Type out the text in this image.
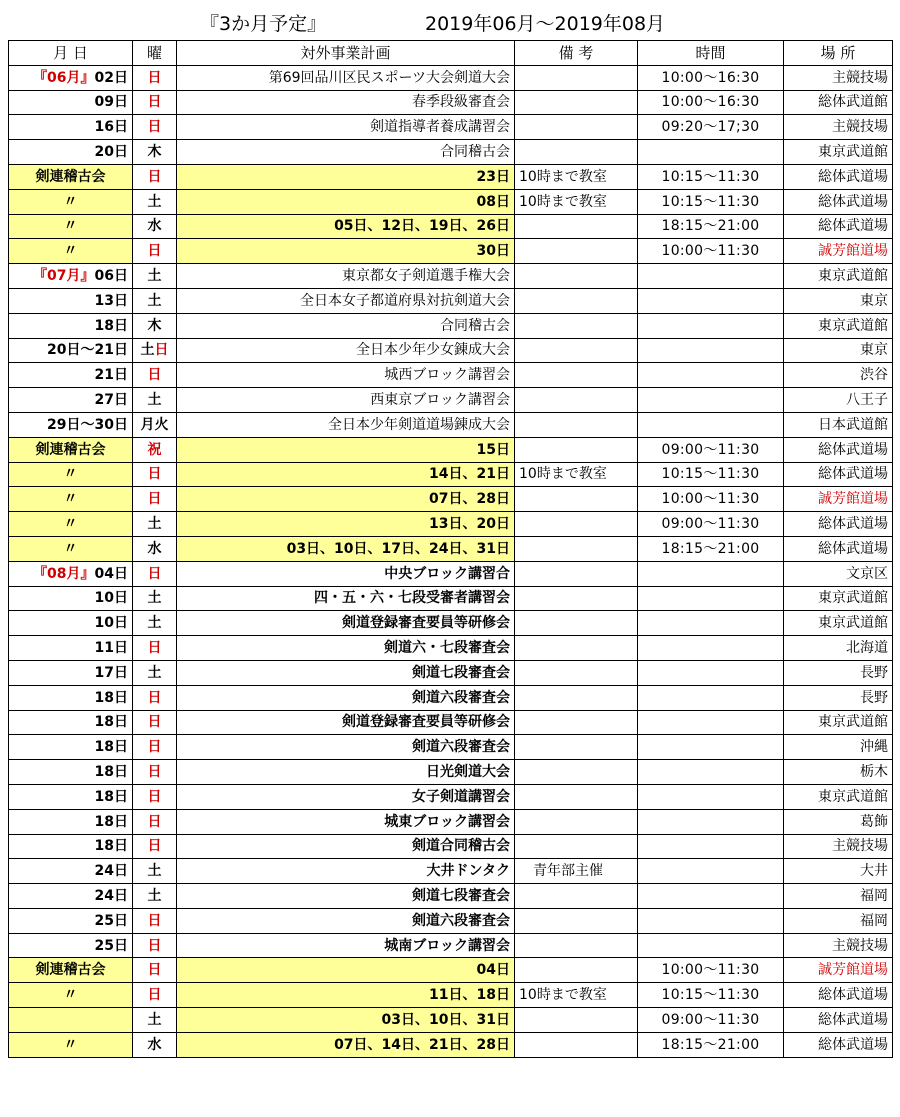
『3か月予定』	2019年06月～2019年08月
月 日	曜	対外事業計画	備 考	時間	場 所
『06月』02日	日	第69回品川区民スポーツ大会剣道大会		10:00～16:30	主競技場
09日	日	春季段級審査会		10:00～16:30	総体武道館
16日	日	剣道指導者養成講習会		09:20～17;30	主競技場
20日	木	合同稽古会			東京武道館
剣連稽古会	日	23日	10時まで教室	10:15～11:30	総体武道場
〃	土	08日	10時まで教室	10:15～11:30	総体武道場
〃	水	05日、12日、19日、26日		18:15～21:00	総体武道場
〃	日	30日		10:00～11:30	誠芳館道場
『07月』06日	土	東京都女子剣道選手権大会			東京武道館
13日	土	全日本女子都道府県対抗剣道大会			東京
18日	木	合同稽古会			東京武道館
20日～21日	土日	全日本少年少女錬成大会			東京
21日	日	城西ブロック講習会			渋谷
27日	土	西東京ブロック講習会			八王子
29日～30日	月火	全日本少年剣道道場錬成大会			日本武道館
剣連稽古会	祝	15日		09:00～11:30	総体武道場
〃	日	14日、21日	10時まで教室	10:15～11:30	総体武道場
〃	日	07日、28日		10:00～11:30	誠芳館道場
〃	土	13日、20日		09:00～11:30	総体武道場
〃	水	03日、10日、17日、24日、31日		18:15～21:00	総体武道場
『08月』04日	日	中央ブロック講習合			文京区
10日	土	四・五・六・七段受審者講習会			東京武道館
10日	土	剣道登録審査要員等研修会			東京武道館
11日	日	剣道六・七段審査会			北海道
17日	土	剣道七段審査会			長野
18日	日	剣道六段審査会			長野
18日	日	剣道登録審査要員等研修会			東京武道館
18日	日	剣道六段審査会			沖縄
18日	日	日光剣道大会			栃木
18日	日	女子剣道講習会			東京武道館
18日	日	城東ブロック講習会			葛飾
18日	日	剣道合同稽古会			主競技場
24日	土	大井ドンタク	　青年部主催		大井
24日	土	剣道七段審査会			福岡
25日	日	剣道六段審査会			福岡
25日	日	城南ブロック講習会			主競技場
剣連稽古会	日	04日		10:00～11:30	誠芳館道場
〃	日	11日、18日	10時まで教室	10:15～11:30	総体武道場
	土	03日、10日、31日		09:00～11:30	総体武道場
〃	水	07日、14日、21日、28日		18:15～21:00	総体武道場
